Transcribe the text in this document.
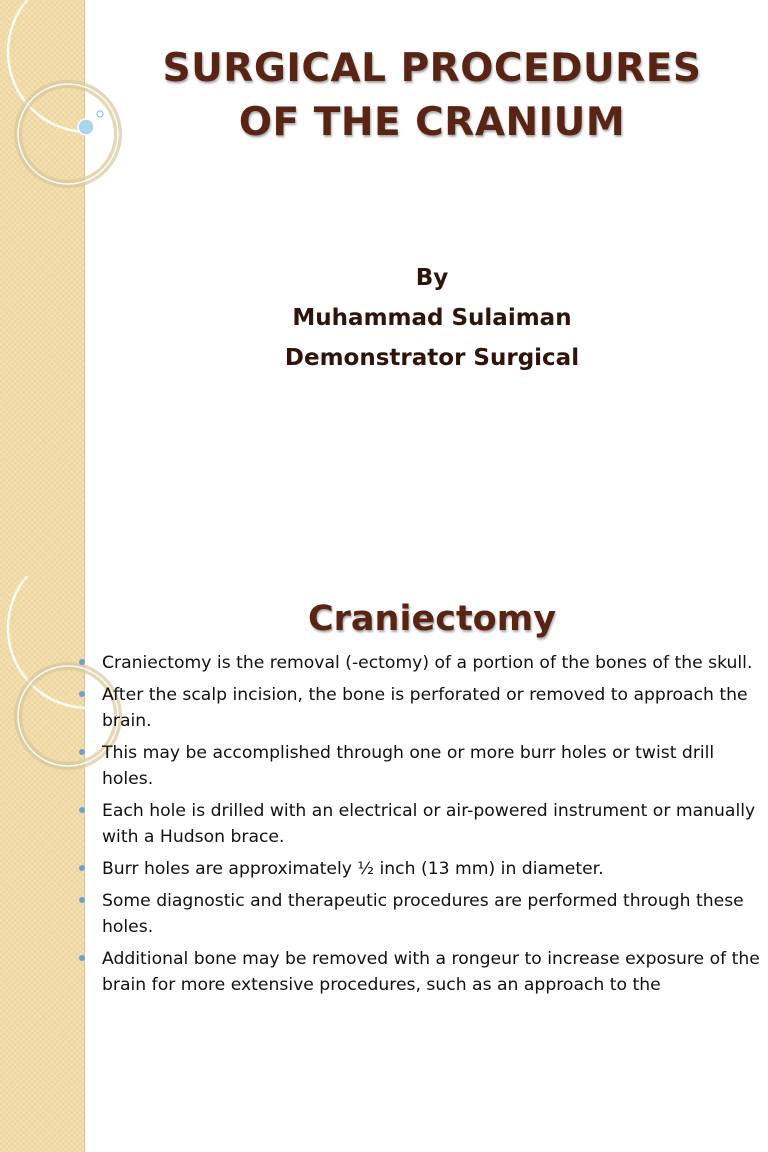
SURGICAL PROCEDURES
OF THE CRANIUM
By
Muhammad Sulaiman
Demonstrator Surgical
Craniectomy
Craniectomy is the removal (-ectomy) of a portion of the bones of the skull.
After the scalp incision, the bone is perforated or removed to approach the brain.
This may be accomplished through one or more burr holes or twist drill holes.
Each hole is drilled with an electrical or air-powered instrument or manually with a Hudson brace.
Burr holes are approximately ½ inch (13 mm) in diameter.
Some diagnostic and therapeutic procedures are performed through these holes.
Additional bone may be removed with a rongeur to increase exposure of the brain for more extensive procedures, such as an approach to the
